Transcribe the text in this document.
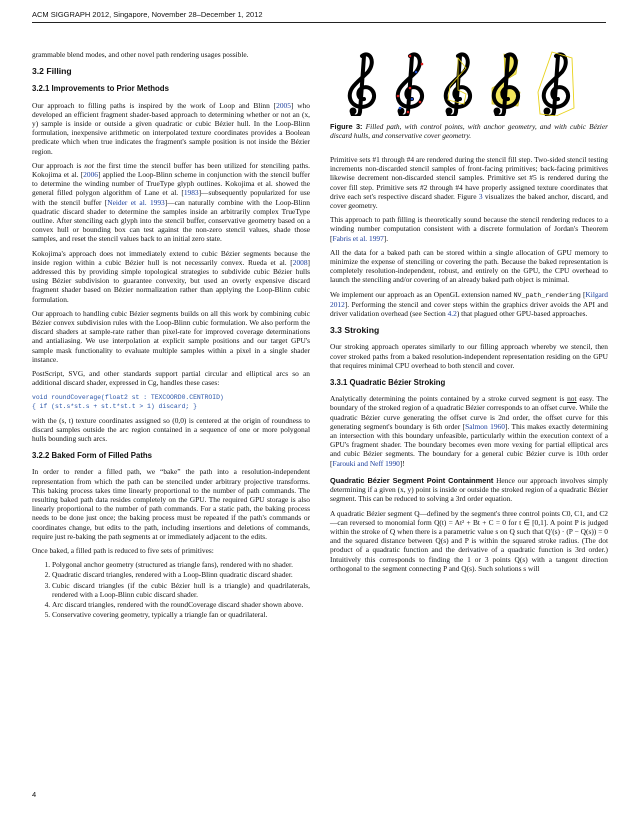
ACM SIGGRAPH 2012, Singapore, November 28–December 1, 2012

grammable blend modes, and other novel path rendering usages possible.

3.2 Filling
3.2.1 Improvements to Prior Methods

Our approach to filling paths is inspired by the work of Loop and Blinn [2005] who developed an efficient fragment shader-based approach to determining whether or not an (x, y) sample is inside or outside a given quadratic or cubic Bézier hull. In the Loop-Blinn formulation, inexpensive arithmetic on interpolated texture coordinates provides a Boolean predicate which when true indicates the fragment's sample position is not inside the Bézier region.

Our approach is not the first time the stencil buffer has been utilized for stenciling paths. Kokojima et al. [2006] applied the Loop-Blinn scheme in conjunction with the stencil buffer to determine the winding number of TrueType glyph outlines. Kokojima et al. showed the general filled polygon algorithm of Lane et al. [1983]—subsequently popularized for use with the stencil buffer [Neider et al. 1993]—can naturally combine with the Loop-Blinn quadratic discard shader to determine the samples inside an arbitrarily complex TrueType outline. After stenciling each glyph into the stencil buffer, conservative geometry based on a convex hull or bounding box can test against the non-zero stencil values, shade those samples, and reset the stencil values back to an initial zero state.

Kokojima's approach does not immediately extend to cubic Bézier segments because the inside region within a cubic Bézier hull is not necessarily convex. Rueda et al. [2008] addressed this by providing simple topological strategies to subdivide cubic Bézier hulls using Bézier subdivision to guarantee convexity, but used an overly expensive discard fragment shader based on Bézier normalization rather than applying the Loop-Blinn cubic formulation.

Our approach to handling cubic Bézier segments builds on all this work by combining cubic Bézier convex subdivision rules with the Loop-Blinn cubic formulation. We also perform the discard shaders at sample-rate rather than pixel-rate for improved coverage determinations and antialiasing. We use interpolation at explicit sample positions and our target GPU's sample mask functionality to evaluate multiple samples within a pixel in a single shader instance.

PostScript, SVG, and other standards support partial circular and elliptical arcs so an additional discard shader, expressed in Cg, handles these cases:

void roundCoverage(float2 st : TEXCOORD0.CENTROID)
{ if (st.s*st.s + st.t*st.t > 1) discard; }

with the (s, t) texture coordinates assigned so (0,0) is centered at the origin of roundness to discard samples outside the arc region contained in a sequence of one or more polygonal hulls bounding such arcs.

3.2.2 Baked Form of Filled Paths

In order to render a filled path, we “bake” the path into a resolution-independent representation from which the path can be stenciled under arbitrary projective transforms. This baking process takes time linearly proportional to the number of path commands. The resulting baked path data resides completely on the GPU. The required GPU storage is also linearly proportional to the number of path commands. For a static path, the baking process needs to be done just once; the baking process must be repeated if the path's commands or coordinates change, but edits to the path, including insertions and deletions of commands, require just re-baking the path segments at or immediately adjacent to the edits.

Once baked, a filled path is reduced to five sets of primitives:

1. Polygonal anchor geometry (structured as triangle fans), rendered with no shader.
2. Quadratic discard triangles, rendered with a Loop-Blinn quadratic discard shader.
3. Cubic discard triangles (if the cubic Bézier hull is a triangle) and quadrilaterals, rendered with a Loop-Blinn cubic discard shader.
4. Arc discard triangles, rendered with the roundCoverage discard shader shown above.
5. Conservative covering geometry, typically a triangle fan or quadrilateral.
Figure 3: Filled path, with control points, with anchor geometry, and with cubic Bézier discard hulls, and conservative cover geometry.

Primitive sets #1 through #4 are rendered during the stencil fill step. Two-sided stencil testing increments non-discarded stencil samples of front-facing primitives; back-facing primitives likewise decrement non-discarded stencil samples. Primitive set #5 is rendered during the cover fill step. Primitive sets #2 through #4 have properly assigned texture coordinates that drive each set's respective discard shader. Figure 3 visualizes the baked anchor, discard, and cover geometry.

This approach to path filling is theoretically sound because the stencil rendering reduces to a winding number computation consistent with a discrete formulation of Jordan's Theorem [Fabris et al. 1997].

All the data for a baked path can be stored within a single allocation of GPU memory to minimize the expense of stenciling or covering the path. Because the baked representation is completely resolution-independent, robust, and entirely on the GPU, the CPU overhead to launch the stenciling and/or covering of an already baked path object is minimal.

We implement our approach as an OpenGL extension named NV_path_rendering [Kilgard 2012]. Performing the stencil and cover steps within the graphics driver avoids the API and driver validation overhead (see Section 4.2) that plagued other GPU-based approaches.

3.3 Stroking

Our stroking approach operates similarly to our filling approach whereby we stencil, then cover stroked paths from a baked resolution-independent representation residing on the GPU that requires minimal CPU overhead to both stencil and cover.

3.3.1 Quadratic Bézier Stroking

Analytically determining the points contained by a stroke curved segment is not easy. The boundary of the stroked region of a quadratic Bézier corresponds to an offset curve. While the quadratic Bézier curve generating the offset curve is 2nd order, the offset curve for this generating segment's boundary is 6th order [Salmon 1960]. This makes exactly determining an intersection with this boundary unfeasible, particularly within the execution context of a GPU's fragment shader. The boundary becomes even more vexing for partial elliptical arcs and cubic Bézier segments. The boundary for a general cubic Bézier curve is 10th order [Farouki and Neff 1990]!

Quadratic Bézier Segment Point Containment Hence our approach involves simply determining if a given (x, y) point is inside or outside the stroked region of a quadratic Bézier segment. This can be reduced to solving a 3rd order equation.

A quadratic Bézier segment Q—defined by the segment's three control points C0, C1, and C2—can reversed to monomial form Q(t) = At² + Bt + C = 0 for t ∈ [0,1]. A point P is judged within the stroke of Q when there is a parametric value s on Q such that Q′(s) · (P − Q(s)) = 0 and the squared distance between Q(s) and P is within the squared stroke radius. (The dot product of a quadratic function and the derivative of a quadratic function is 3rd order.) Intuitively this corresponds to finding the 1 or 3 points Q(s) with a tangent direction orthogonal to the segment connecting P and Q(s). Such solutions s will

4
